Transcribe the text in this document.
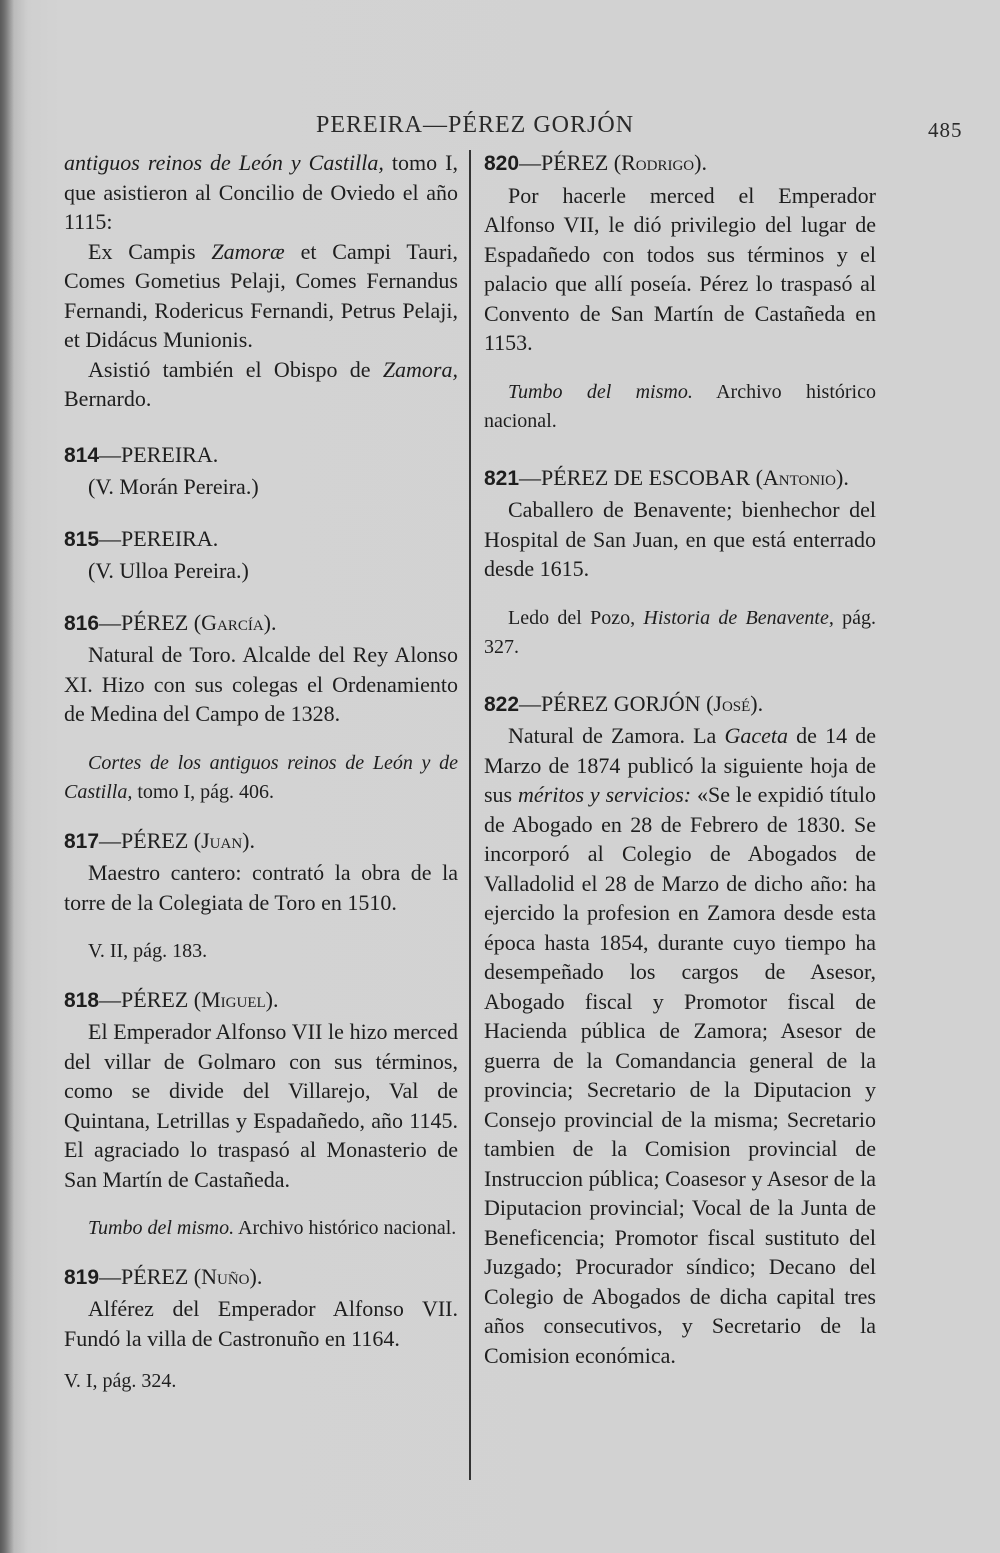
PEREIRA—PÉREZ GORJÓN	485

antiguos reinos de León y Castilla, tomo I, que asistieron al Concilio de Oviedo el año 1115:

Ex Campis Zamoræ et Campi Tauri, Comes Gometius Pelaji, Comes Fernandus Fernandi, Rodericus Fernandi, Petrus Pelaji, et Didácus Munionis.

Asistió también el Obispo de Zamora, Bernardo.

814—PEREIRA.

(V. Morán Pereira.)

815—PEREIRA.

(V. Ulloa Pereira.)

816—PÉREZ (García).

Natural de Toro. Alcalde del Rey Alonso XI. Hizo con sus colegas el Ordenamiento de Medina del Campo de 1328.

Cortes de los antiguos reinos de León y de Castilla, tomo I, pág. 406.

817—PÉREZ (Juan).

Maestro cantero: contrató la obra de la torre de la Colegiata de Toro en 1510.

V. II, pág. 183.

818—PÉREZ (Miguel).

El Emperador Alfonso VII le hizo merced del villar de Golmaro con sus términos, como se divide del Villarejo, Val de Quintana, Letrillas y Espadañedo, año 1145. El agraciado lo traspasó al Monasterio de San Martín de Castañeda.

Tumbo del mismo. Archivo histórico nacional.

819—PÉREZ (Nuño).

Alférez del Emperador Alfonso VII. Fundó la villa de Castronuño en 1164.

V. I, pág. 324.

820—PÉREZ (Rodrigo).

Por hacerle merced el Emperador Alfonso VII, le dió privilegio del lugar de Espadañedo con todos sus términos y el palacio que allí poseía. Pérez lo traspasó al Convento de San Martín de Castañeda en 1153.

Tumbo del mismo. Archivo histórico nacional.

821—PÉREZ DE ESCOBAR (Antonio).

Caballero de Benavente; bienhechor del Hospital de San Juan, en que está enterrado desde 1615.

Ledo del Pozo, Historia de Benavente, pág. 327.

822—PÉREZ GORJÓN (José).

Natural de Zamora. La Gaceta de 14 de Marzo de 1874 publicó la siguiente hoja de sus méritos y servicios: «Se le expidió título de Abogado en 28 de Febrero de 1830. Se incorporó al Colegio de Abogados de Valladolid el 28 de Marzo de dicho año: ha ejercido la profesion en Zamora desde esta época hasta 1854, durante cuyo tiempo ha desempeñado los cargos de Asesor, Abogado fiscal y Promotor fiscal de Hacienda pública de Zamora; Asesor de guerra de la Comandancia general de la provincia; Secretario de la Diputacion y Consejo provincial de la misma; Secretario tambien de la Comision provincial de Instruccion pública; Coasesor y Asesor de la Diputacion provincial; Vocal de la Junta de Beneficencia; Promotor fiscal sustituto del Juzgado; Procurador síndico; Decano del Colegio de Abogados de dicha capital tres años consecutivos, y Secretario de la Comision económica.
